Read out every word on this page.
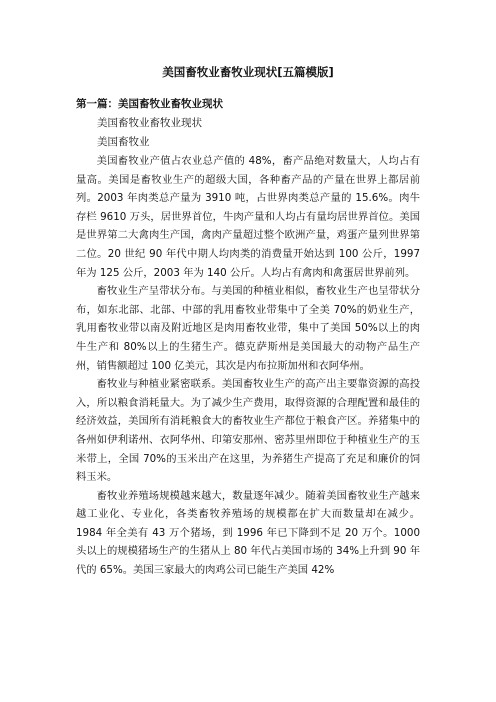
美国畜牧业畜牧业现状[五篇模版]
第一篇：美国畜牧业畜牧业现状
美国畜牧业畜牧业现状
美国畜牧业

美国畜牧业产值占农业总产值的 48%，畜产品绝对数量大，人均占有量高。美国是畜牧业生产的超级大国，各种畜产品的产量在世界上都居前列。2003 年肉类总产量为 3910 吨，占世界肉类总产量的 15.6%。肉牛存栏 9610 万头，居世界首位，牛肉产量和人均占有量均居世界首位。美国是世界第二大禽肉生产国，禽肉产量超过整个欧洲产量，鸡蛋产量列世界第二位。20 世纪 90 年代中期人均肉类的消费量开始达到 100 公斤，1997 年为 125 公斤，2003 年为 140 公斤。人均占有禽肉和禽蛋居世界前列。

畜牧业生产呈带状分布。与美国的种植业相似，畜牧业生产也呈带状分布，如东北部、北部、中部的乳用畜牧业带集中了全美 70%的奶业生产，乳用畜牧业带以南及附近地区是肉用畜牧业带，集中了美国 50%以上的肉牛生产和 80%以上的生猪生产。德克萨斯州是美国最大的动物产品生产州，销售额超过 100 亿美元，其次是内布拉斯加州和衣阿华州。

畜牧业与种植业紧密联系。美国畜牧业生产的高产出主要靠资源的高投入，所以粮食消耗量大。为了减少生产费用，取得资源的合理配置和最佳的经济效益，美国所有消耗粮食大的畜牧业生产都位于粮食产区。养猪集中的各州如伊利诺州、衣阿华州、印第安那州、密苏里州即位于种植业生产的玉米带上，全国 70%的玉米出产在这里，为养猪生产提高了充足和廉价的饲料玉米。

畜牧业养殖场规模越来越大，数量逐年减少。随着美国畜牧业生产越来越工业化、专业化，各类畜牧养殖场的规模都在扩大而数量却在减少。1984 年全美有 43 万个猪场，到 1996 年已下降到不足 20 万个。1000 头以上的规模猪场生产的生猪从上 80 年代占美国市场的 34%上升到 90 年代的 65%。美国三家最大的肉鸡公司已能生产美国 42%
